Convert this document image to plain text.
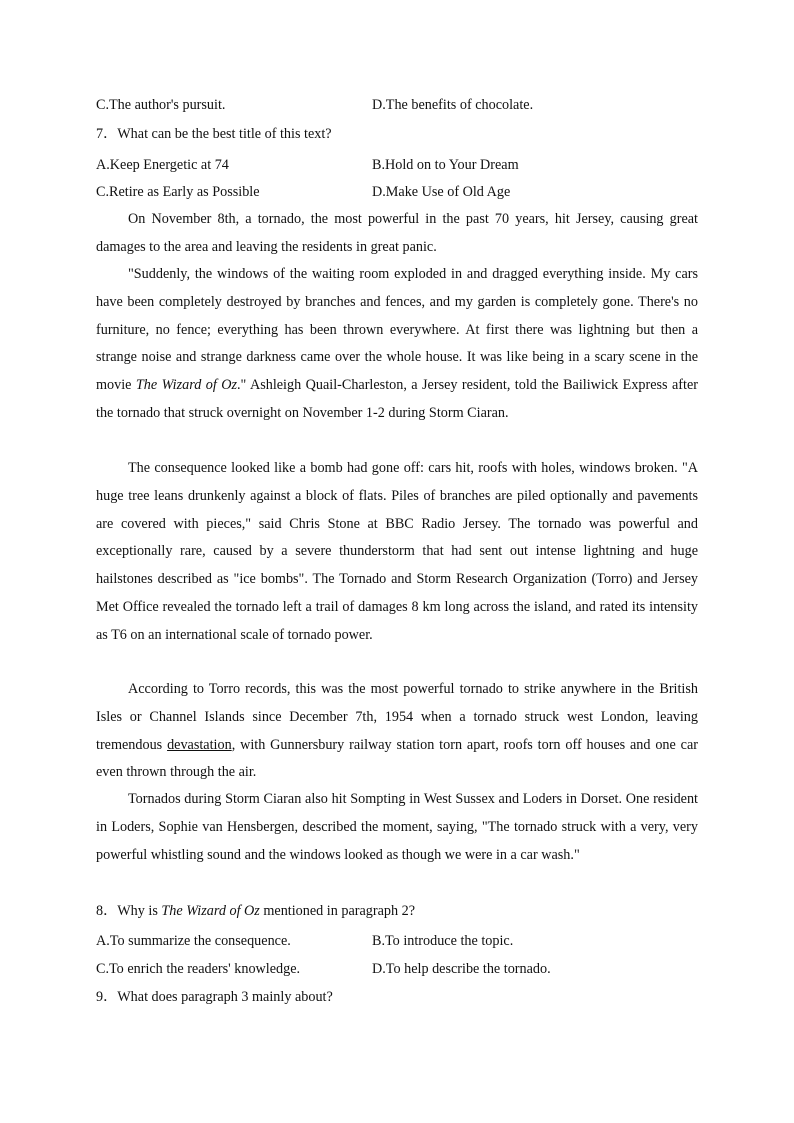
C.The author's pursuit.	D.The benefits of chocolate.
7．What can be the best title of this text?
A.Keep Energetic at 74	B.Hold on to Your Dream
C.Retire as Early as Possible	D.Make Use of Old Age
On November 8th, a tornado, the most powerful in the past 70 years, hit Jersey, causing great damages to the area and leaving the residents in great panic.
"Suddenly, the windows of the waiting room exploded in and dragged everything inside. My cars have been completely destroyed by branches and fences, and my garden is completely gone. There's no furniture, no fence; everything has been thrown everywhere. At first there was lightning but then a strange noise and strange darkness came over the whole house. It was like being in a scary scene in the movie The Wizard of Oz." Ashleigh Quail-Charleston, a Jersey resident, told the Bailiwick Express after the tornado that struck overnight on November 1-2 during Storm Ciaran.
The consequence looked like a bomb had gone off: cars hit, roofs with holes, windows broken. "A huge tree leans drunkenly against a block of flats. Piles of branches are piled optionally and pavements are covered with pieces," said Chris Stone at BBC Radio Jersey. The tornado was powerful and exceptionally rare, caused by a severe thunderstorm that had sent out intense lightning and huge hailstones described as "ice bombs". The Tornado and Storm Research Organization (Torro) and Jersey Met Office revealed the tornado left a trail of damages 8 km long across the island, and rated its intensity as T6 on an international scale of tornado power.
According to Torro records, this was the most powerful tornado to strike anywhere in the British Isles or Channel Islands since December 7th, 1954 when a tornado struck west London, leaving tremendous devastation, with Gunnersbury railway station torn apart, roofs torn off houses and one car even thrown through the air.
Tornados during Storm Ciaran also hit Sompting in West Sussex and Loders in Dorset. One resident in Loders, Sophie van Hensbergen, described the moment, saying, "The tornado struck with a very, very powerful whistling sound and the windows looked as though we were in a car wash."
8．Why is The Wizard of Oz mentioned in paragraph 2?
A.To summarize the consequence.	B.To introduce the topic.
C.To enrich the readers' knowledge.	D.To help describe the tornado.
9．What does paragraph 3 mainly about?
